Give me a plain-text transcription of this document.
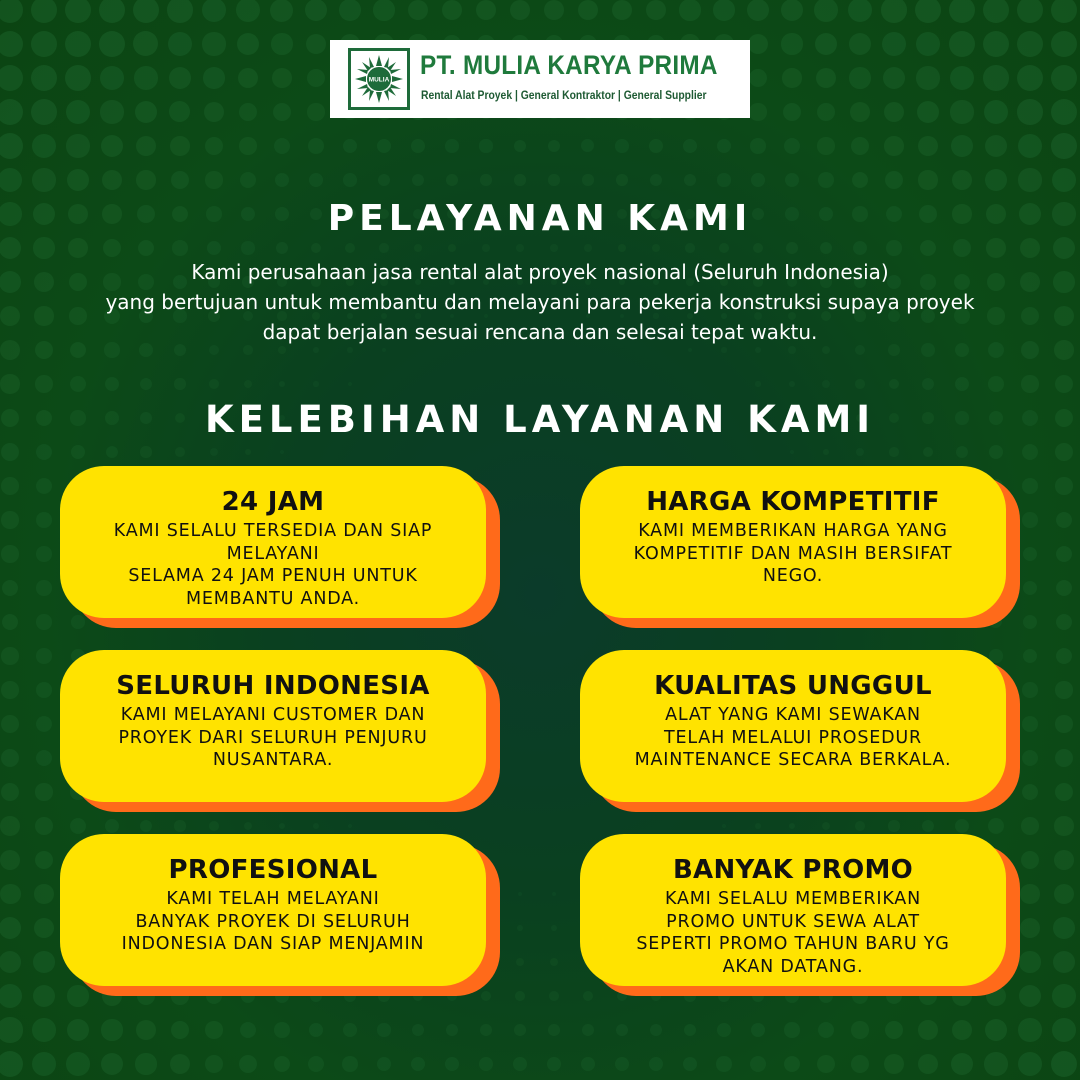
MULIA PT. MULIA KARYA PRIMA
Rental Alat Proyek | General Kontraktor | General Supplier
PELAYANAN KAMI
Kami perusahaan jasa rental alat proyek nasional (Seluruh Indonesia)
yang bertujuan untuk membantu dan melayani para pekerja konstruksi supaya proyek
dapat berjalan sesuai rencana dan selesai tepat waktu.
KELEBIHAN LAYANAN KAMI
24 JAM
KAMI SELALU TERSEDIA DAN SIAP
MELAYANI
SELAMA 24 JAM PENUH UNTUK
MEMBANTU ANDA.
HARGA KOMPETITIF
KAMI MEMBERIKAN HARGA YANG
KOMPETITIF DAN MASIH BERSIFAT
NEGO.
SELURUH INDONESIA
KAMI MELAYANI CUSTOMER DAN
PROYEK DARI SELURUH PENJURU
NUSANTARA.
KUALITAS UNGGUL
ALAT YANG KAMI SEWAKAN
TELAH MELALUI PROSEDUR
MAINTENANCE SECARA BERKALA.
PROFESIONAL
KAMI TELAH MELAYANI
BANYAK PROYEK DI SELURUH
INDONESIA DAN SIAP MENJAMIN
BANYAK PROMO
KAMI SELALU MEMBERIKAN
PROMO UNTUK SEWA ALAT
SEPERTI PROMO TAHUN BARU YG
AKAN DATANG.
